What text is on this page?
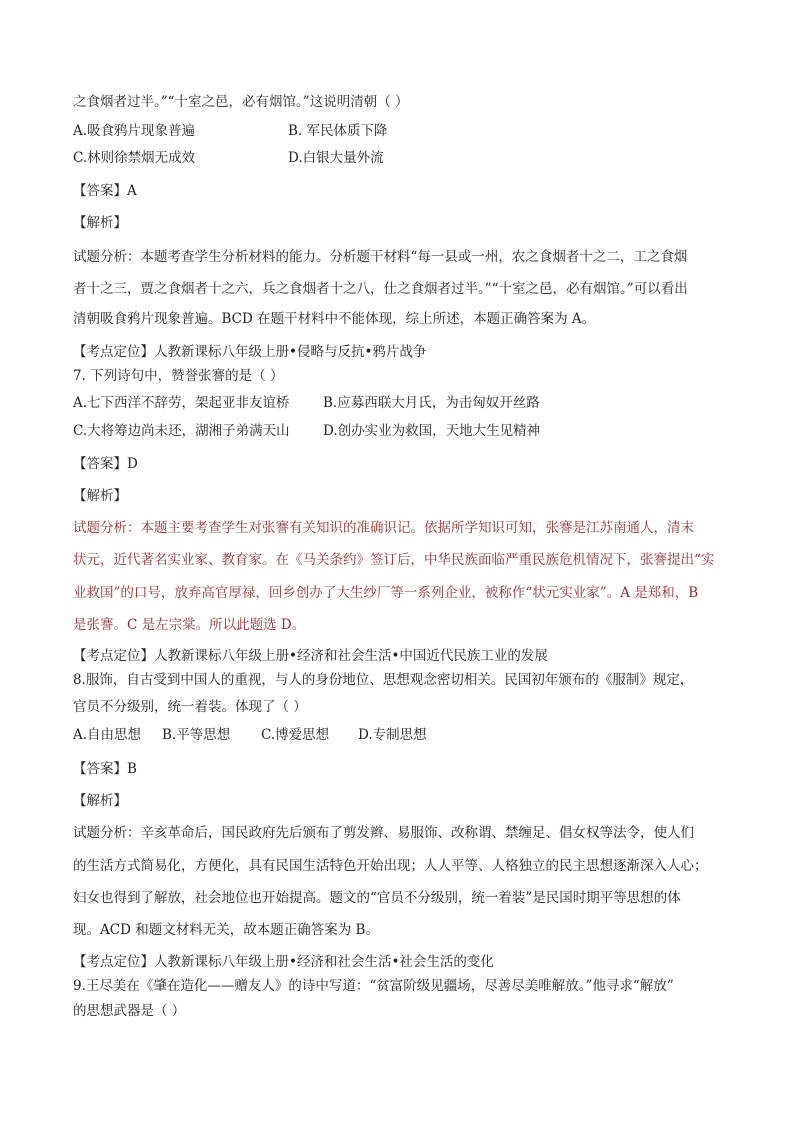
之食烟者过半。”“十室之邑，必有烟馆。”这说明清朝（ ）
A.吸食鸦片现象普遍	B. 军民体质下降
C.林则徐禁烟无成效	D.白银大量外流
【答案】A
【解析】
试题分析：本题考查学生分析材料的能力。分析题干材料“每一县或一州，农之食烟者十之二，工之食烟
者十之三，贾之食烟者十之六，兵之食烟者十之八，仕之食烟者过半。”“十室之邑，必有烟馆。”可以看出
清朝吸食鸦片现象普遍。BCD 在题干材料中不能体现，综上所述，本题正确答案为 A。
【考点定位】人教新课标八年级上册•侵略与反抗•鸦片战争
7. 下列诗句中，赞誉张謇的是（ ）
A.七下西洋不辞劳，架起亚非友谊桥 B.应募西联大月氏，为击匈奴开丝路
C.大将筹边尚未还，湖湘子弟满天山 D.创办实业为救国，天地大生见精神
【答案】D
【解析】
试题分析：本题主要考查学生对张謇有关知识的准确识记。依据所学知识可知，张謇是江苏南通人，清末
状元，近代著名实业家、教育家。在《马关条约》签订后，中华民族面临严重民族危机情况下，张謇提出“实
业救国”的口号，放弃高官厚禄，回乡创办了大生纱厂等一系列企业，被称作“状元实业家”。A 是郑和，B
是张謇。C 是左宗棠。所以此题选 D。
【考点定位】人教新课标八年级上册•经济和社会生活•中国近代民族工业的发展
8.服饰，自古受到中国人的重视，与人的身份地位、思想观念密切相关。民国初年颁布的《服制》规定，
官员不分级别，统一着装。体现了（ ）
A.自由思想 B.平等思想 C.博爱思想 D.专制思想
【答案】B
【解析】
试题分析：辛亥革命后，国民政府先后颁布了剪发辫、易服饰、改称谓、禁缠足、倡女权等法令，使人们
的生活方式简易化，方便化，具有民国生活特色开始出现；人人平等、人格独立的民主思想逐渐深入人心；
妇女也得到了解放，社会地位也开始提高。题文的“官员不分级别，统一着装”是民国时期平等思想的体
现。ACD 和题文材料无关，故本题正确答案为 B。
【考点定位】人教新课标八年级上册•经济和社会生活•社会生活的变化
9.王尽美在《肇在造化——赠友人》的诗中写道：“贫富阶级见疆场，尽善尽美唯解放。”他寻求“解放”
的思想武器是（ ）
